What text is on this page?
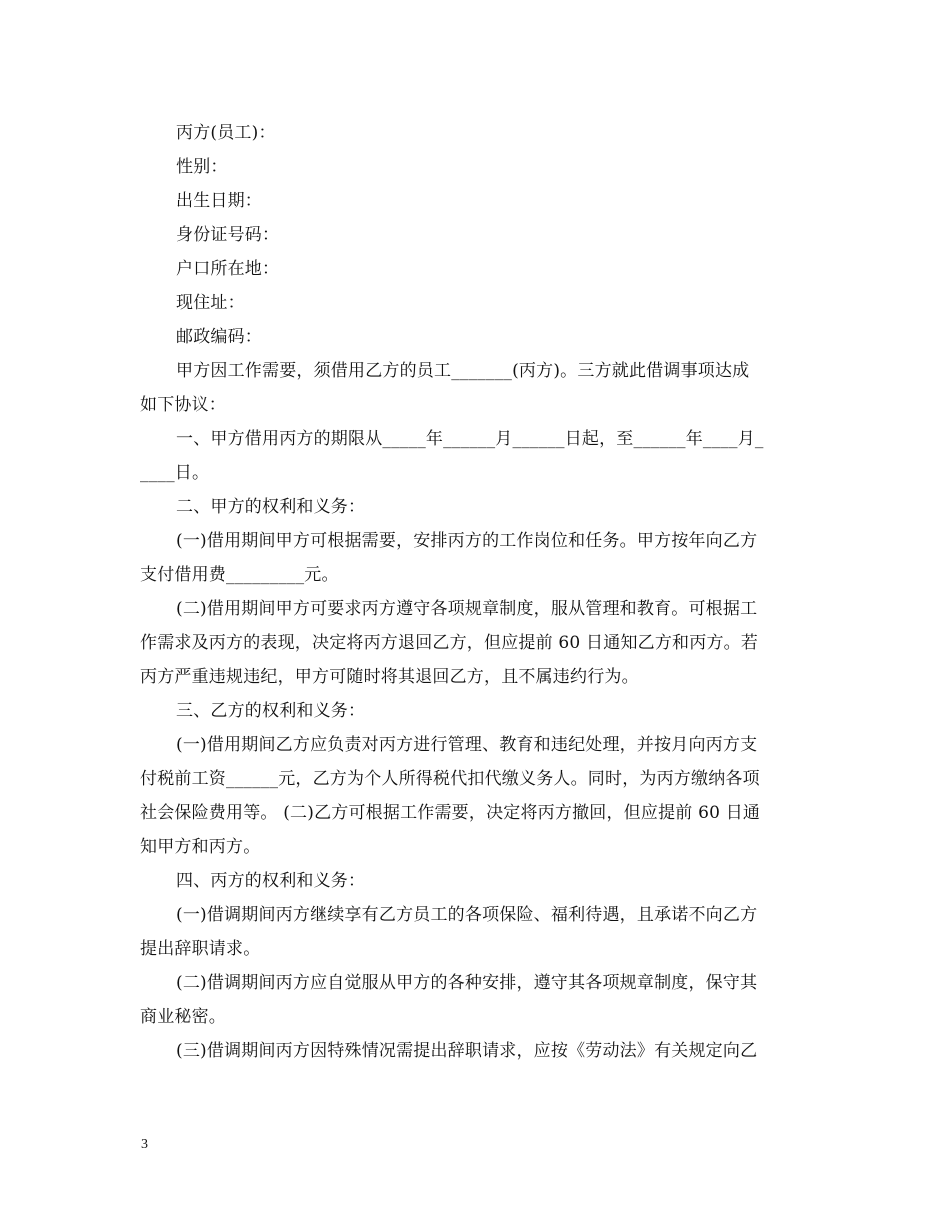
丙方(员工)：
性别：
出生日期：
身份证号码：
户口所在地：
现住址：
邮政编码：
甲方因工作需要，须借用乙方的员工_______(丙方)。三方就此借调事项达成
如下协议：
一、甲方借用丙方的期限从_____年______月______日起，至______年____月_
____日。
二、甲方的权利和义务：
(一)借用期间甲方可根据需要，安排丙方的工作岗位和任务。甲方按年向乙方
支付借用费_________元。
(二)借用期间甲方可要求丙方遵守各项规章制度，服从管理和教育。可根据工
作需求及丙方的表现，决定将丙方退回乙方，但应提前 60 日通知乙方和丙方。若
丙方严重违规违纪，甲方可随时将其退回乙方，且不属违约行为。
三、乙方的权利和义务：
(一)借用期间乙方应负责对丙方进行管理、教育和违纪处理，并按月向丙方支
付税前工资______元，乙方为个人所得税代扣代缴义务人。同时，为丙方缴纳各项
社会保险费用等。 (二)乙方可根据工作需要，决定将丙方撤回，但应提前 60 日通
知甲方和丙方。
四、丙方的权利和义务：
(一)借调期间丙方继续享有乙方员工的各项保险、福利待遇，且承诺不向乙方
提出辞职请求。
(二)借调期间丙方应自觉服从甲方的各种安排，遵守其各项规章制度，保守其
商业秘密。
(三)借调期间丙方因特殊情况需提出辞职请求，应按《劳动法》有关规定向乙
3
